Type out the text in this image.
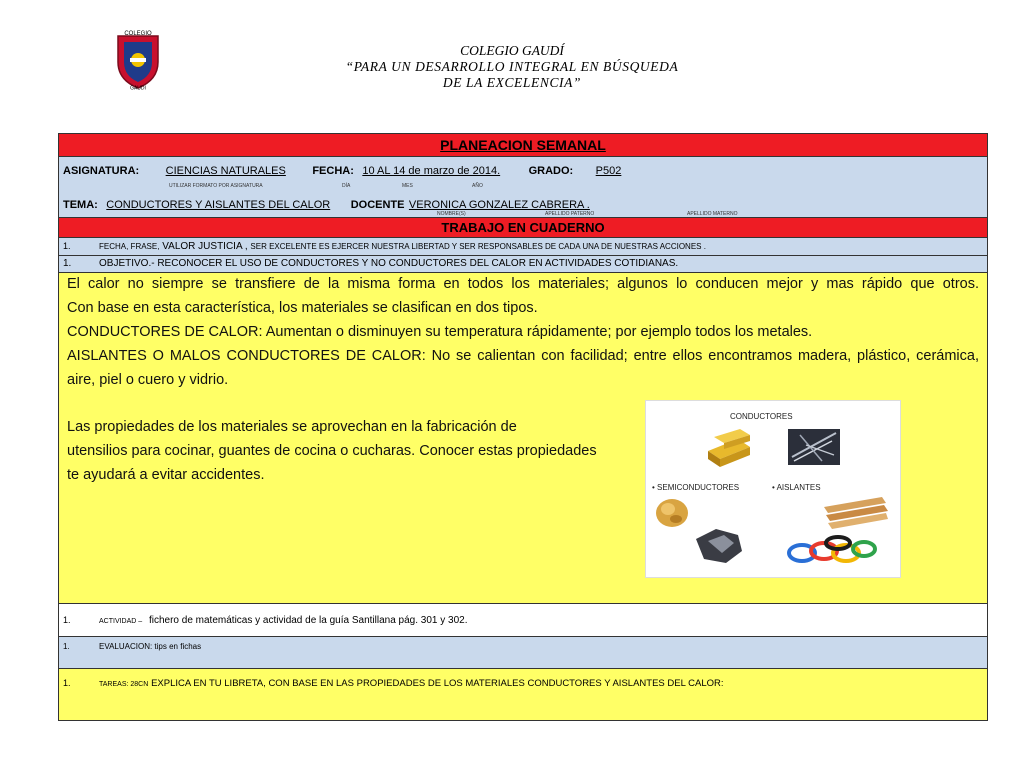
COLEGIO
GAUDI
COLEGIO GAUDÍ
“PARA UN DESARROLLO INTEGRAL EN BÚSQUEDA
DE LA EXCELENCIA”
PLANEACION SEMANAL
ASIGNATURA: CIENCIAS NATURALES FECHA: 10 AL 14 de marzo de 2014.	GRADO: P502
UTILIZAR FORMATO POR ASIGNATURA	DÍA	MES	AÑO
TEMA: CONDUCTORES Y AISLANTES DEL CALOR DOCENTE VERONICA GONZALEZ CABRERA .
NOMBRE(S)	APELLIDO PATERNO	APELLIDO MATERNO
TRABAJO EN CUADERNO
1.	FECHA, FRASE, VALOR JUSTICIA , SER EXCELENTE ES EJERCER NUESTRA LIBERTAD Y SER RESPONSABLES DE CADA UNA DE NUESTRAS ACCIONES .
1.	OBJETIVO.- RECONOCER EL USO DE CONDUCTORES Y NO CONDUCTORES DEL CALOR EN ACTIVIDADES COTIDIANAS.
El calor no siempre se transfiere de la misma forma en todos los materiales; algunos lo conducen mejor y mas rápido que otros.
Con base en esta característica, los materiales se clasifican en dos tipos.
CONDUCTORES DE CALOR: Aumentan o disminuyen su temperatura rápidamente; por ejemplo todos los metales.
AISLANTES O MALOS CONDUCTORES DE CALOR: No se calientan con facilidad; entre ellos encontramos madera, plástico, cerámica,
aire, piel o cuero y vidrio.
Las propiedades de los materiales se aprovechan en la fabricación de
utensilios para cocinar, guantes de cocina o cucharas. Conocer estas propiedades
te ayudará a evitar accidentes.
CONDUCTORES
• SEMICONDUCTORES	• AISLANTES
1.	ACTIVIDAD – fichero de matemáticas y actividad de la guía Santillana pág. 301 y 302.
1.	EVALUACION: tips en fichas
1.	TAREAS: 28CN EXPLICA EN TU LIBRETA, CON BASE EN LAS PROPIEDADES DE LOS MATERIALES CONDUCTORES Y AISLANTES DEL CALOR:
